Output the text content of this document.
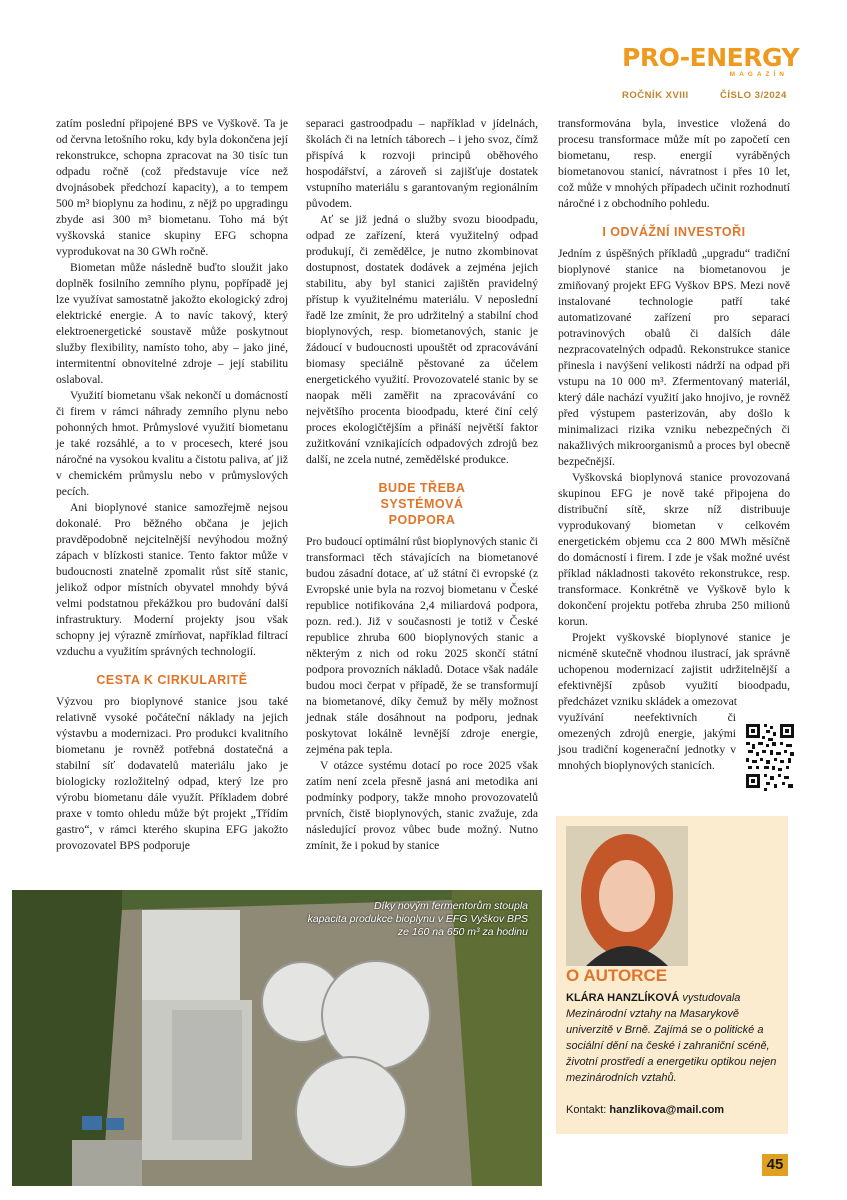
PRO-ENERGY
MAGAZÍN
ROČNÍK XVIII	ČÍSLO 3/2024

zatím poslední připojené BPS ve Vyškově. Ta je od června letošního roku, kdy byla dokončena její rekonstrukce, schopna zpracovat na 30 tisíc tun odpadu ročně (což představuje více než dvojnásobek předchozí kapacity), a to tempem 500 m³ bioplynu za hodinu, z nějž po upgradingu zbyde asi 300 m³ biometanu. Toho má být vyškovská stanice skupiny EFG schopna vyprodukovat na 30 GWh ročně.

Biometan může následně buďto sloužit jako doplněk fosilního zemního plynu, popřípadě jej lze využívat samostatně jakožto ekologický zdroj elektrické energie. A to navíc takový, který elektroenergetické soustavě může poskytnout služby flexibility, namísto toho, aby – jako jiné, intermitentní obnovitelné zdroje – její stabilitu oslaboval.

Využití biometanu však nekončí u domácností či firem v rámci náhrady zemního plynu nebo pohonných hmot. Průmyslové využití biometanu je také rozsáhlé, a to v procesech, které jsou náročné na vysokou kvalitu a čistotu paliva, ať již v chemickém průmyslu nebo v průmyslových pecích.

Ani bioplynové stanice samozřejmě nejsou dokonalé. Pro běžného občana je jejich pravděpodobně nejcitelnější nevýhodou možný zápach v blízkosti stanice. Tento faktor může v budoucnosti znatelně zpomalit růst sítě stanic, jelikož odpor místních obyvatel mnohdy bývá velmi podstatnou překážkou pro budování další infrastruktury. Moderní projekty jsou však schopny jej výrazně zmírňovat, například filtrací vzduchu a využitím správných technologií.

CESTA K CIRKULARITĚ

Výzvou pro bioplynové stanice jsou také relativně vysoké počáteční náklady na jejich výstavbu a modernizaci. Pro produkci kvalitního biometanu je rovněž potřebná dostatečná a stabilní síť dodavatelů materiálu jako je biologicky rozložitelný odpad, který lze pro výrobu biometanu dále využít. Příkladem dobré praxe v tomto ohledu může být projekt „Třídím gastro“, v rámci kterého skupina EFG jakožto provozovatel BPS podporuje

separaci gastroodpadu – například v jídelnách, školách či na letních táborech – i jeho svoz, čímž přispívá k rozvoji principů oběhového hospodářství, a zároveň si zajišťuje dostatek vstupního materiálu s garantovaným regionálním původem.

Ať se již jedná o služby svozu bioodpadu, odpad ze zařízení, která využitelný odpad produkují, či zemědělce, je nutno zkombinovat dostupnost, dostatek dodávek a zejména jejich stabilitu, aby byl stanici zajištěn pravidelný přístup k využitelnému materiálu. V neposlední řadě lze zmínit, že pro udržitelný a stabilní chod bioplynových, resp. biometanových, stanic je žádoucí v budoucnosti upouštět od zpracovávání biomasy speciálně pěstované za účelem energetického využití. Provozovatelé stanic by se naopak měli zaměřit na zpracovávání co největšího procenta bioodpadu, které činí celý proces ekologičtějším a přináší největší faktor zužitkování vznikajících odpadových zdrojů bez další, ne zcela nutné, zemědělské produkce.

BUDE TŘEBA SYSTÉMOVÁ PODPORA

Pro budoucí optimální růst bioplynových stanic či transformaci těch stávajících na biometanové budou zásadní dotace, ať už státní či evropské (z Evropské unie byla na rozvoj biometanu v České republice notifikována 2,4 miliardová podpora, pozn. red.). Již v současnosti je totiž v České republice zhruba 600 bioplynových stanic a některým z nich od roku 2025 skončí státní podpora provozních nákladů. Dotace však nadále budou moci čerpat v případě, že se transformují na biometanové, díky čemuž by měly možnost jednak stále dosáhnout na podporu, jednak poskytovat lokálně levnější zdroje energie, zejména pak tepla.

V otázce systému dotací po roce 2025 však zatím není zcela přesně jasná ani metodika ani podmínky podpory, takže mnoho provozovatelů prvních, čistě bioplynových, stanic zvažuje, zda následující provoz vůbec bude možný. Nutno zmínit, že i pokud by stanice

transformována byla, investice vložená do procesu transformace může mít po započetí cen biometanu, resp. energií vyráběných biometanovou stanicí, návratnost i přes 10 let, což může v mnohých případech učinit rozhodnutí náročné i z obchodního pohledu.

I ODVÁŽNÍ INVESTOŘI

Jedním z úspěšných příkladů „upgradu“ tradiční bioplynové stanice na biometanovou je zmiňovaný projekt EFG Vyškov BPS. Mezi nově instalované technologie patří také automatizované zařízení pro separaci potravinových obalů či dalších dále nezpracovatelných odpadů. Rekonstrukce stanice přinesla i navýšení velikosti nádrží na odpad při vstupu na 10 000 m³. Zfermentovaný materiál, který dále nachází využití jako hnojivo, je rovněž před výstupem pasterizován, aby došlo k minimalizaci rizika vzniku nebezpečných či nakažlivých mikroorganismů a proces byl obecně bezpečnější.

Vyškovská bioplynová stanice provozovaná skupinou EFG je nově také připojena do distribuční sítě, skrze níž distribuuje vyprodukovaný biometan v celkovém energetickém objemu cca 2 800 MWh měsíčně do domácností i firem. I zde je však možné uvést příklad nákladnosti takovéto rekonstrukce, resp. transformace. Konkrétně ve Vyškově bylo k dokončení projektu potřeba zhruba 250 milionů korun.

Projekt vyškovské bioplynové stanice je nicméně skutečně vhodnou ilustrací, jak správně uchopenou modernizací zajistit udržitelnější a efektivnější způsob využití bioodpadu, předcházet vzniku skládek a omezovat

využívání neefektivních či omezených zdrojů energie, jakými jsou tradiční kogenerační jednotky v mnohých bioplynových stanicích.

Díky novým fermentorům stoupla
kapacita produkce bioplynu v EFG Vyškov BPS
ze 160 na 650 m³ za hodinu
O AUTORCE
KLÁRA HANZLÍKOVÁ vystudovala Mezinárodní vztahy na Masarykově univerzitě v Brně. Zajímá se o politické a sociální dění na české i zahraniční scéně, životní prostředí a energetiku optikou nejen mezinárodních vztahů.
Kontakt: hanzlikova@mail.com
45
